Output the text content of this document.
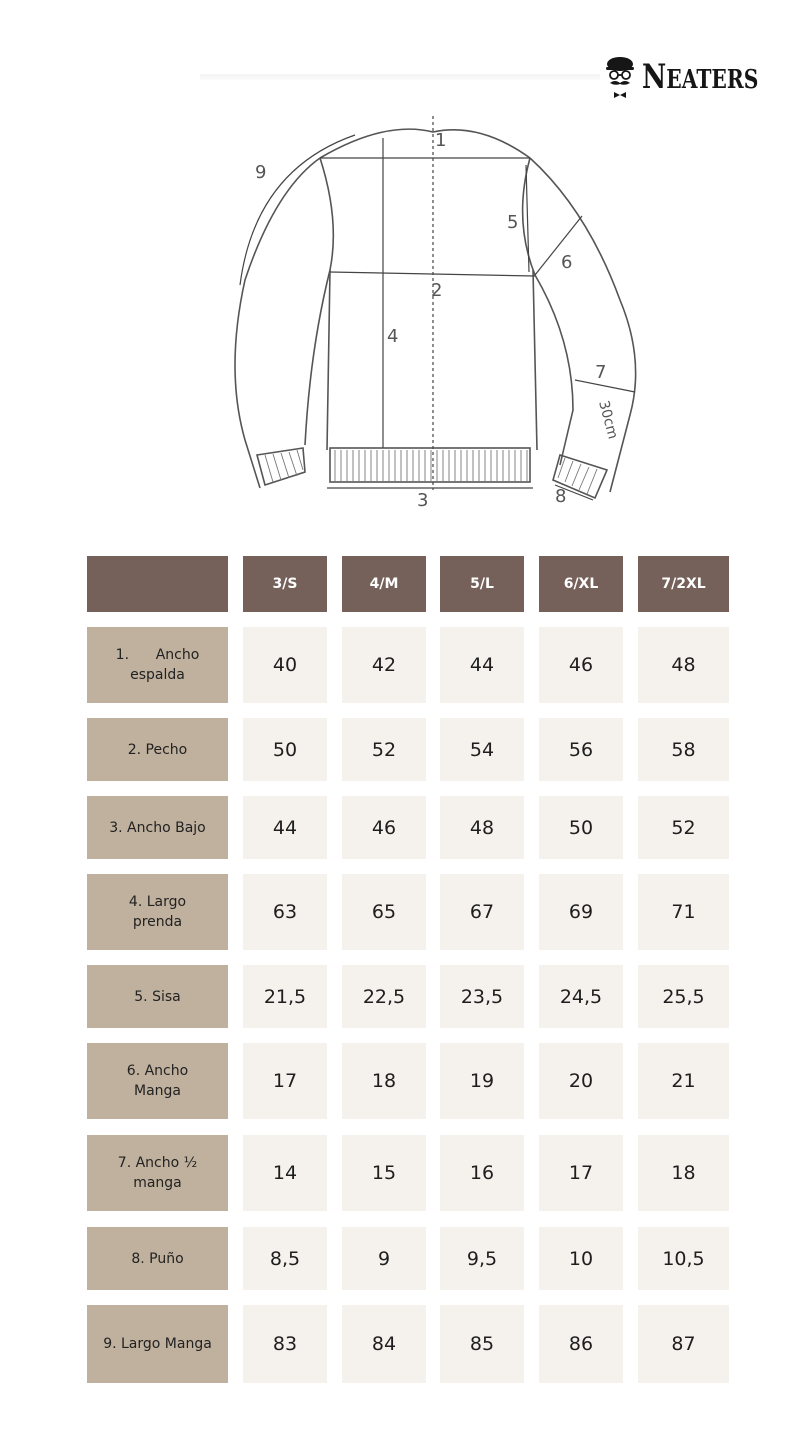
NEATERS
1
2
3
4
5
6
7
8
9
30cm
3/S	4/M	5/L	6/XL	7/2XL
1.      Ancho
espalda	40	42	44	46	48
2. Pecho	50	52	54	56	58
3. Ancho Bajo	44	46	48	50	52
4. Largo
prenda	63	65	67	69	71
5. Sisa	21,5	22,5	23,5	24,5	25,5
6. Ancho
Manga	17	18	19	20	21
7. Ancho ½
manga	14	15	16	17	18
8. Puño	8,5	9	9,5	10	10,5
9. Largo Manga	83	84	85	86	87
